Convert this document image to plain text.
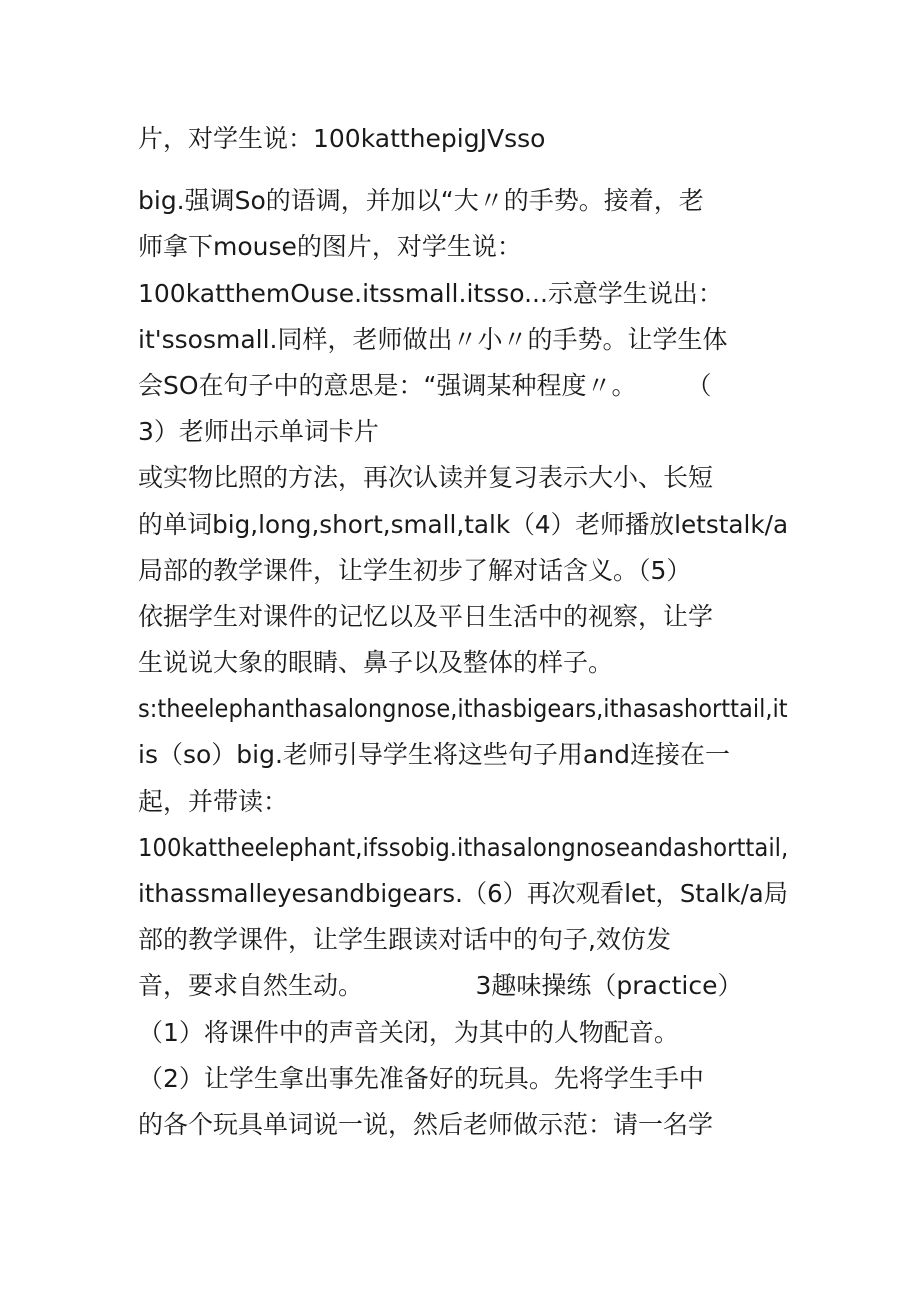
片，对学生说：100katthepigJVsso
big.强调So的语调，并加以“大〃的手势。接着，老
师拿下mouse的图片，对学生说：
100katthemOuse.itssmall.itsso...示意学生说出：
it'ssosmall.同样，老师做出〃小〃的手势。让学生体
会SO在句子中的意思是：“强调某种程度〃。　　　（
3）老师出示单词卡片
或实物比照的方法，再次认读并复习表示大小、长短
的单词big,long,short,small,talk（4）老师播放letstalk/a
局部的教学课件，让学生初步了解对话含义。（5）
依据学生对课件的记忆以及平日生活中的视察，让学
生说说大象的眼睛、鼻子以及整体的样子。
s:theelephanthasalongnose,ithasbigears,ithasashorttail,it
is（so）big.老师引导学生将这些句子用and连接在一
起，并带读：
100kattheelephant,ifssobig.ithasalongnoseandashorttail,
ithassmalleyesandbigears.（6）再次观看let，Stalk/a局
部的教学课件，让学生跟读对话中的句子,效仿发
音，要求自然生动。　　　　　3趣味操练（practice）
（1）将课件中的声音关闭，为其中的人物配音。
（2）让学生拿出事先准备好的玩具。先将学生手中
的各个玩具单词说一说，然后老师做示范：请一名学
